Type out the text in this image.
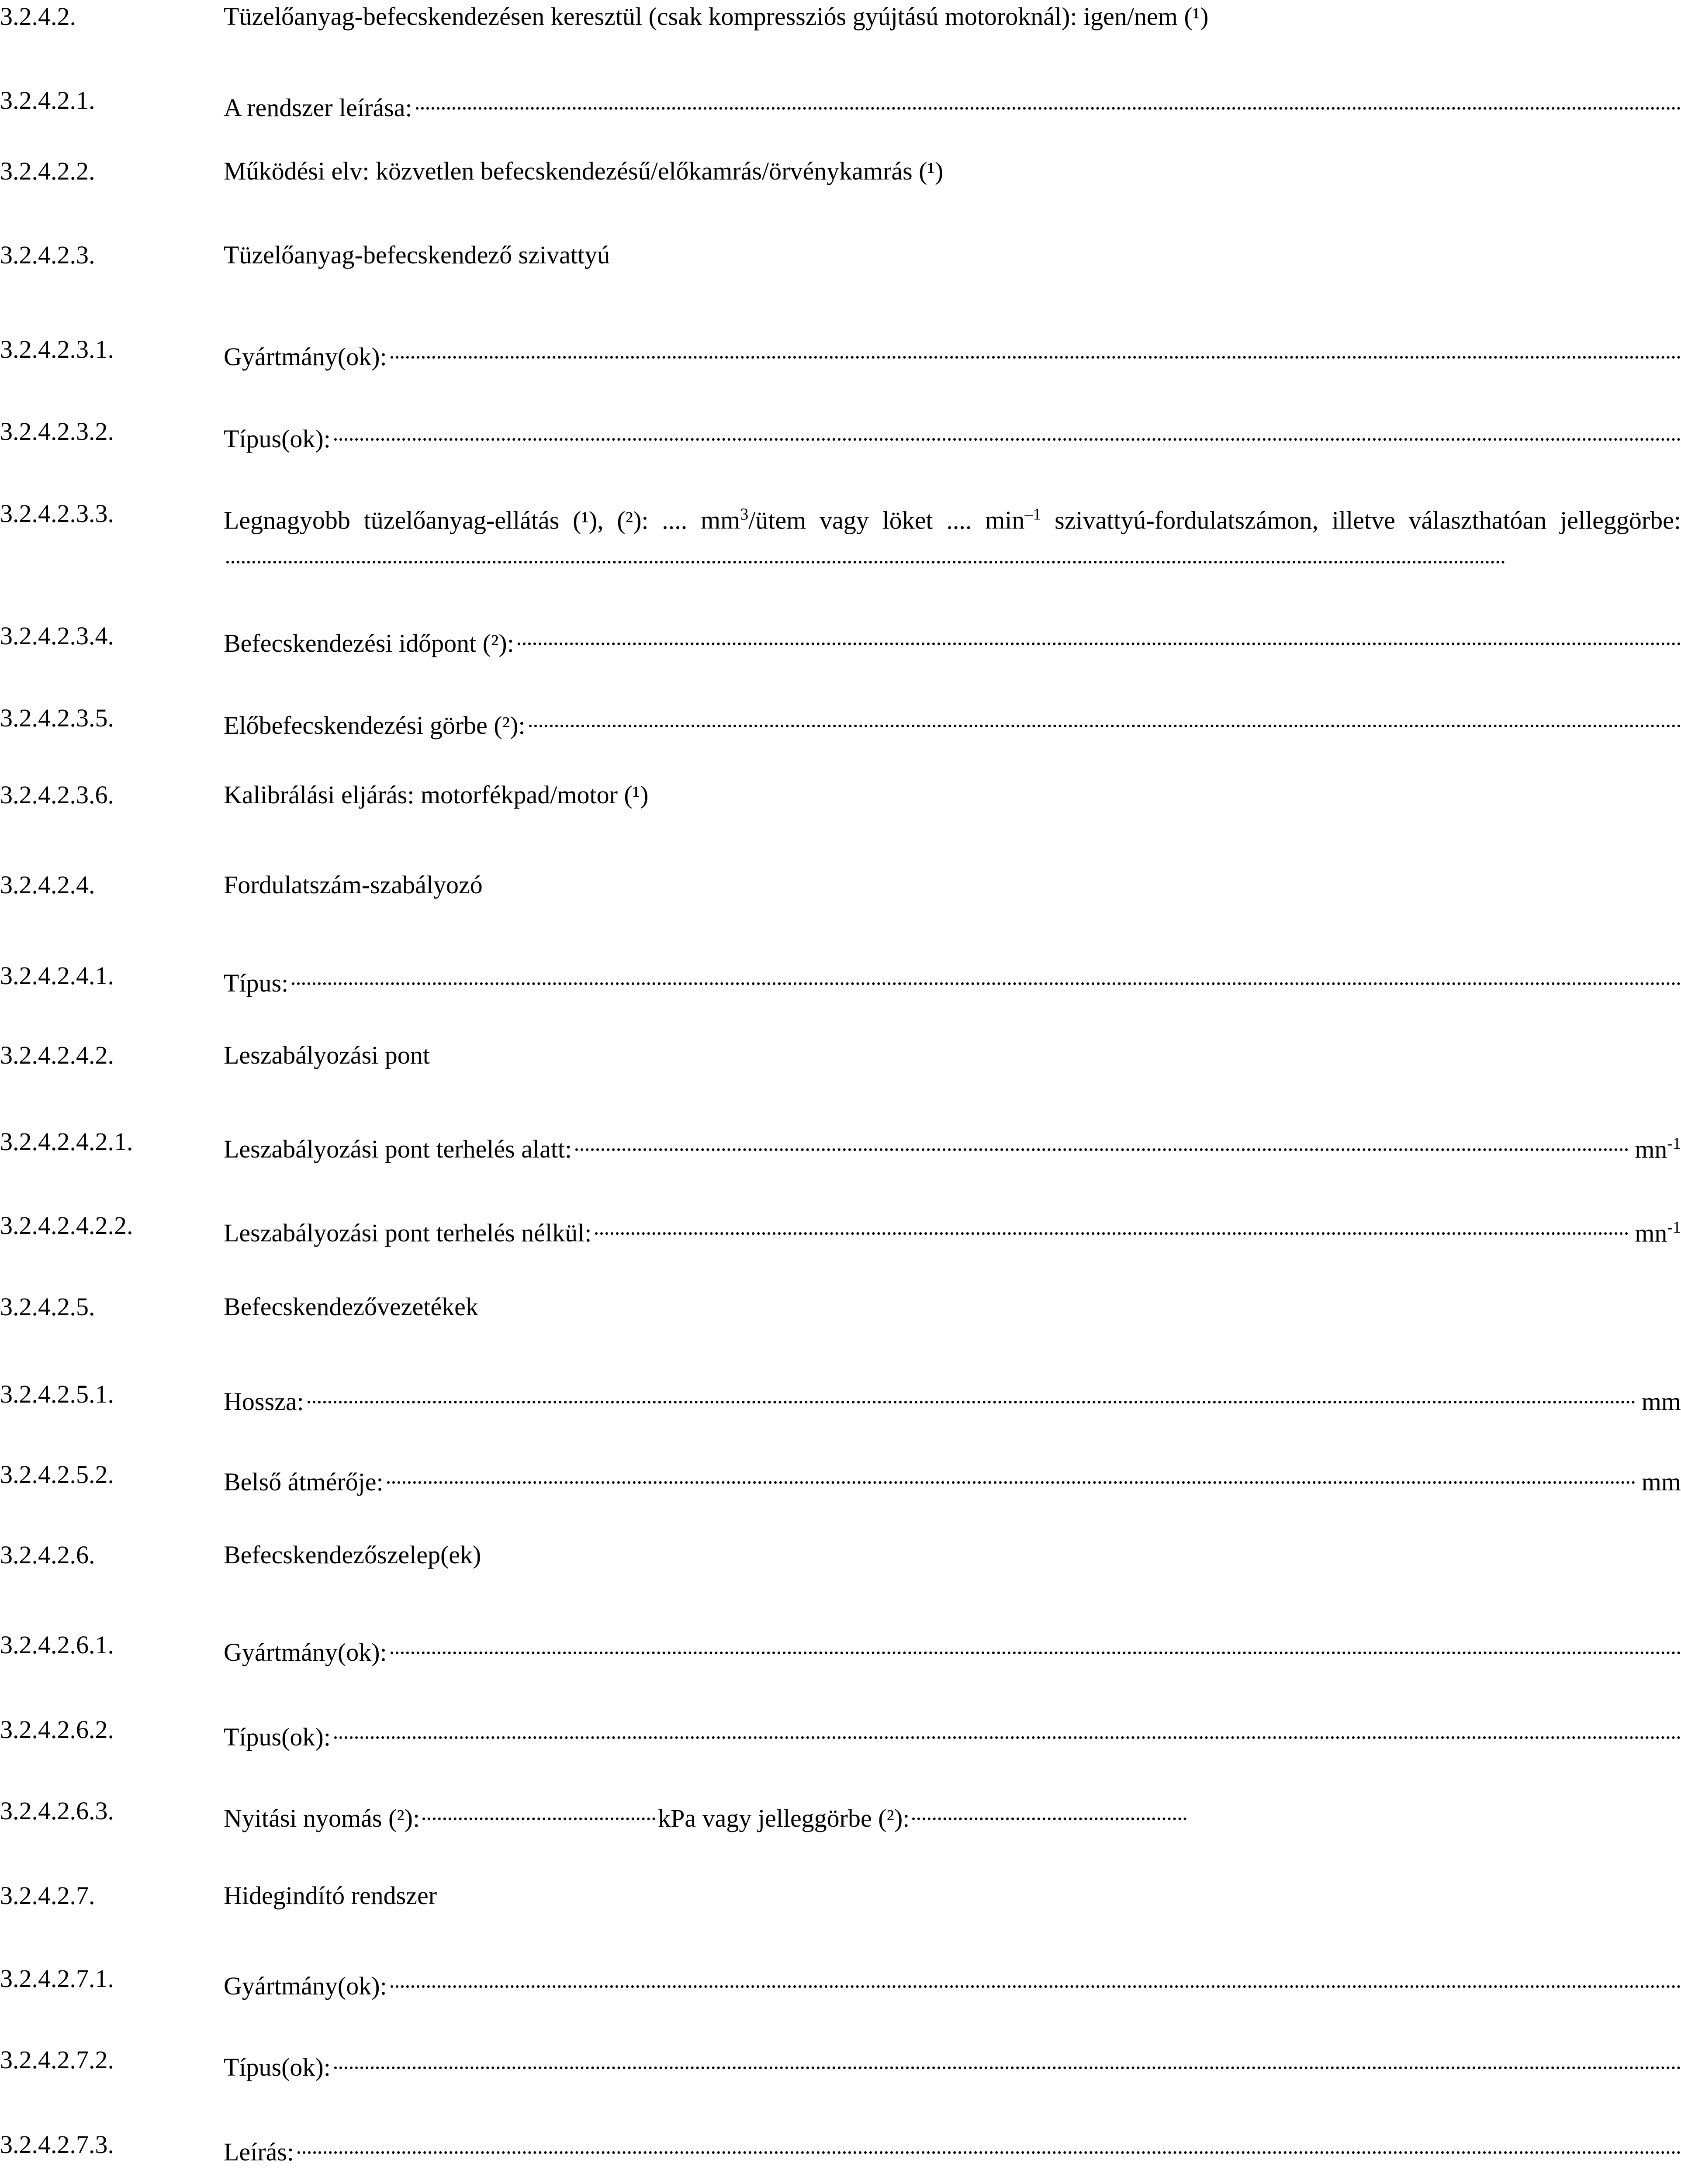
3.2.4.2.	Tüzelőanyag-befecskendezésen keresztül (csak kompressziós gyújtású motoroknál): igen/nem (¹)
3.2.4.2.1.	A rendszer leírása:
3.2.4.2.2.	Működési elv: közvetlen befecskendezésű/előkamrás/örvénykamrás (¹)
3.2.4.2.3.	Tüzelőanyag-befecskendező szivattyú
3.2.4.2.3.1.	Gyártmány(ok):
3.2.4.2.3.2.	Típus(ok):
3.2.4.2.3.3.	Legnagyobb tüzelőanyag-ellátás (¹), (²): .... $mm^3$/ütem vagy löket .... $\min^{-1}$ szivattyú-fordulatszámon, illetve választhatóan jelleggörbe:
3.2.4.2.3.4.	Befecskendezési időpont (²):
3.2.4.2.3.5.	Előbefecskendezési görbe (²):
3.2.4.2.3.6.	Kalibrálási eljárás: motorfékpad/motor (¹)
3.2.4.2.4.	Fordulatszám-szabályozó
3.2.4.2.4.1.	Típus:
3.2.4.2.4.2.	Leszabályozási pont
3.2.4.2.4.2.1.	Leszabályozási pont terhelés alatt:	$mn^{-1}$
3.2.4.2.4.2.2.	Leszabályozási pont terhelés nélkül:	$mn^{-1}$
3.2.4.2.5.	Befecskendezővezetékek
3.2.4.2.5.1.	Hossza:	mm
3.2.4.2.5.2.	Belső átmérője:	mm
3.2.4.2.6.	Befecskendezőszelep(ek)
3.2.4.2.6.1.	Gyártmány(ok):
3.2.4.2.6.2.	Típus(ok):
3.2.4.2.6.3.	Nyitási nyomás (²):	kPa vagy jelleggörbe (²):
3.2.4.2.7.	Hidegindító rendszer
3.2.4.2.7.1.	Gyártmány(ok):
3.2.4.2.7.2.	Típus(ok):
3.2.4.2.7.3.	Leírás:
